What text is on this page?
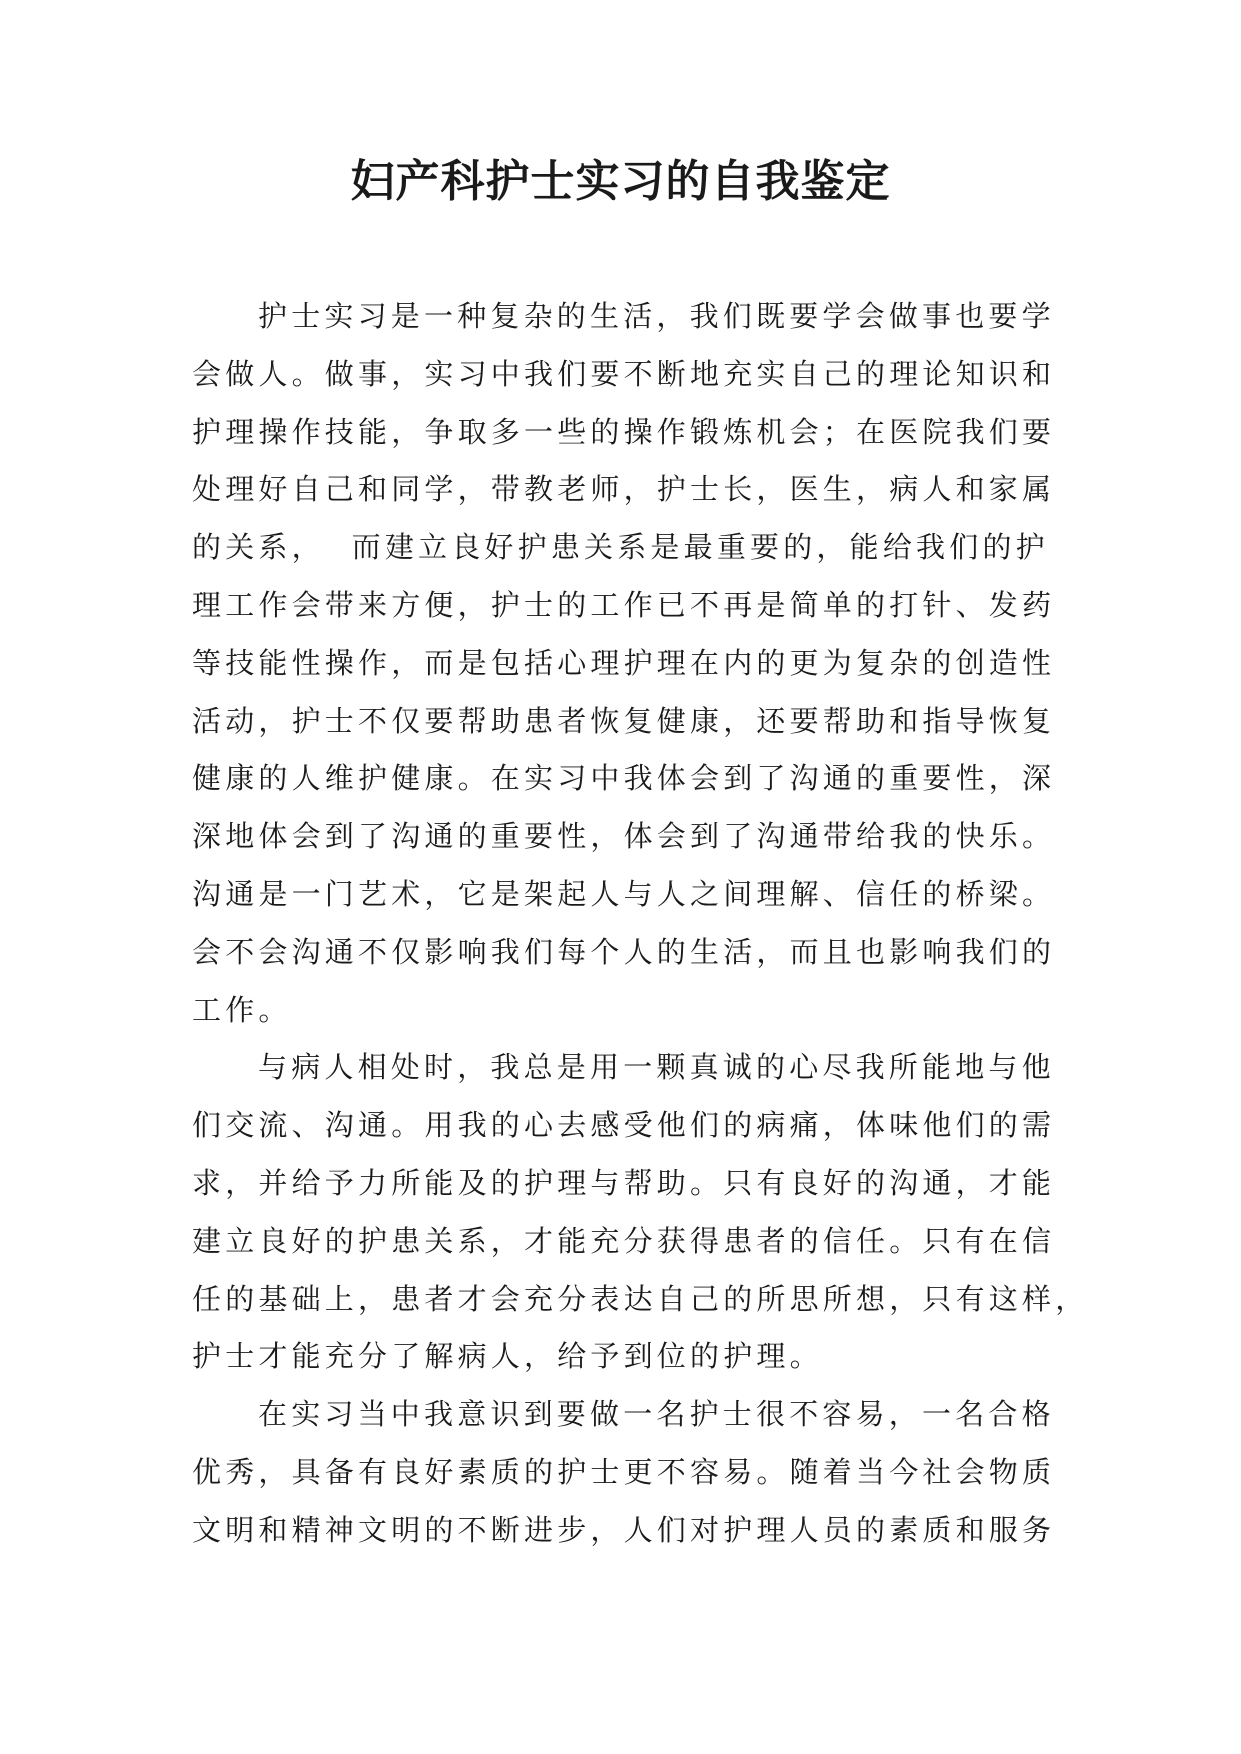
妇产科护士实习的自我鉴定
护士实习是一种复杂的生活，我们既要学会做事也要学
会做人。做事，实习中我们要不断地充实自己的理论知识和
护理操作技能，争取多一些的操作锻炼机会；在医院我们要
处理好自己和同学，带教老师，护士长，医生，病人和家属
的关系，  而建立良好护患关系是最重要的，能给我们的护
理工作会带来方便，护士的工作已不再是简单的打针、发药
等技能性操作，而是包括心理护理在内的更为复杂的创造性
活动，护士不仅要帮助患者恢复健康，还要帮助和指导恢复
健康的人维护健康。在实习中我体会到了沟通的重要性，深
深地体会到了沟通的重要性，体会到了沟通带给我的快乐。
沟通是一门艺术，它是架起人与人之间理解、信任的桥梁。
会不会沟通不仅影响我们每个人的生活，而且也影响我们的
工作。
与病人相处时，我总是用一颗真诚的心尽我所能地与他
们交流、沟通。用我的心去感受他们的病痛，体味他们的需
求，并给予力所能及的护理与帮助。只有良好的沟通，才能
建立良好的护患关系，才能充分获得患者的信任。只有在信
任的基础上，患者才会充分表达自己的所思所想，只有这样，
护士才能充分了解病人，给予到位的护理。
在实习当中我意识到要做一名护士很不容易，一名合格
优秀，具备有良好素质的护士更不容易。随着当今社会物质
文明和精神文明的不断进步，人们对护理人员的素质和服务
